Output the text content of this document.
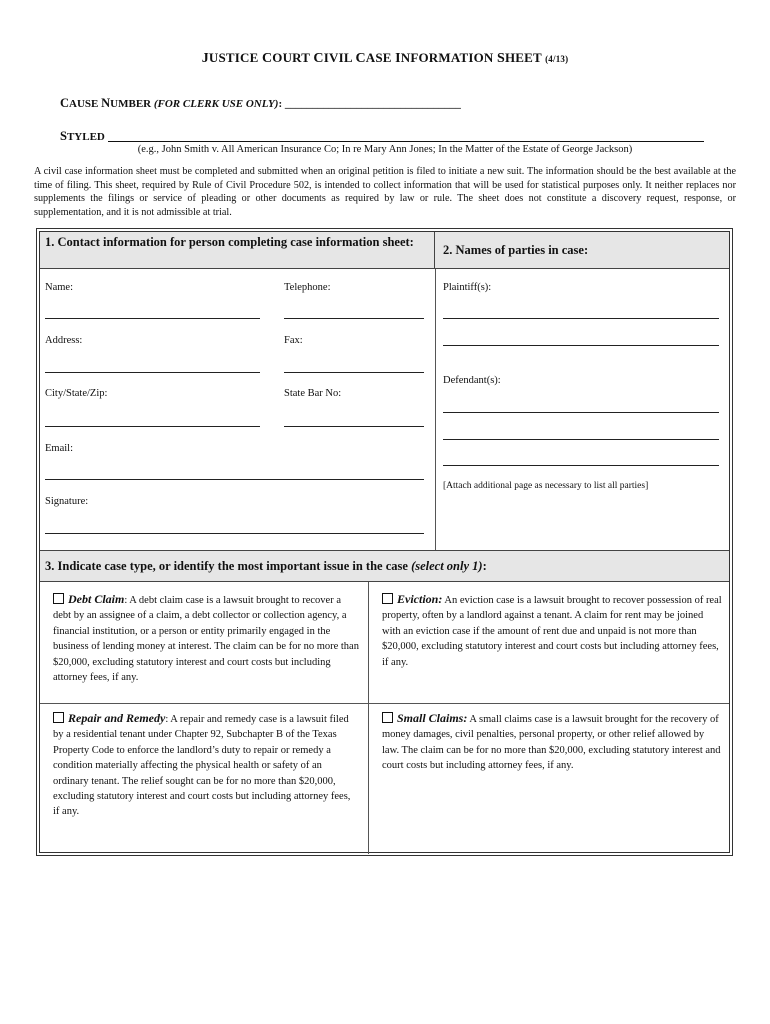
JUSTICE COURT CIVIL CASE INFORMATION SHEET (4/13)
CAUSE NUMBER (FOR CLERK USE ONLY): ________________________________
STYLED
(e.g., John Smith v. All American Insurance Co; In re Mary Ann Jones; In the Matter of the Estate of George Jackson)
A civil case information sheet must be completed and submitted when an original petition is filed to initiate a new suit. The information should be the best available at the time of filing. This sheet, required by Rule of Civil Procedure 502, is intended to collect information that will be used for statistical purposes only. It neither replaces nor supplements the filings or service of pleading or other documents as required by law or rule. The sheet does not constitute a discovery request, response, or supplementation, and it is not admissible at trial.
1. Contact information for person completing case information sheet:
2. Names of parties in case:
Name:	Telephone:
Address:	Fax:
City/State/Zip:	State Bar No:
Email:
Signature:
Plaintiff(s):
Defendant(s):
[Attach additional page as necessary to list all parties]
3. Indicate case type, or identify the most important issue in the case (select only 1):
Debt Claim: A debt claim case is a lawsuit brought to recover a debt by an assignee of a claim, a debt collector or collection agency, a financial institution, or a person or entity primarily engaged in the business of lending money at interest. The claim can be for no more than $20,000, excluding statutory interest and court costs but including attorney fees, if any.
Eviction: An eviction case is a lawsuit brought to recover possession of real property, often by a landlord against a tenant. A claim for rent may be joined with an eviction case if the amount of rent due and unpaid is not more than $20,000, excluding statutory interest and court costs but including attorney fees, if any.
Repair and Remedy: A repair and remedy case is a lawsuit filed by a residential tenant under Chapter 92, Subchapter B of the Texas Property Code to enforce the landlord’s duty to repair or remedy a condition materially affecting the physical health or safety of an ordinary tenant. The relief sought can be for no more than $20,000, excluding statutory interest and court costs but including attorney fees, if any.
Small Claims: A small claims case is a lawsuit brought for the recovery of money damages, civil penalties, personal property, or other relief allowed by law. The claim can be for no more than $20,000, excluding statutory interest and court costs but including attorney fees, if any.
